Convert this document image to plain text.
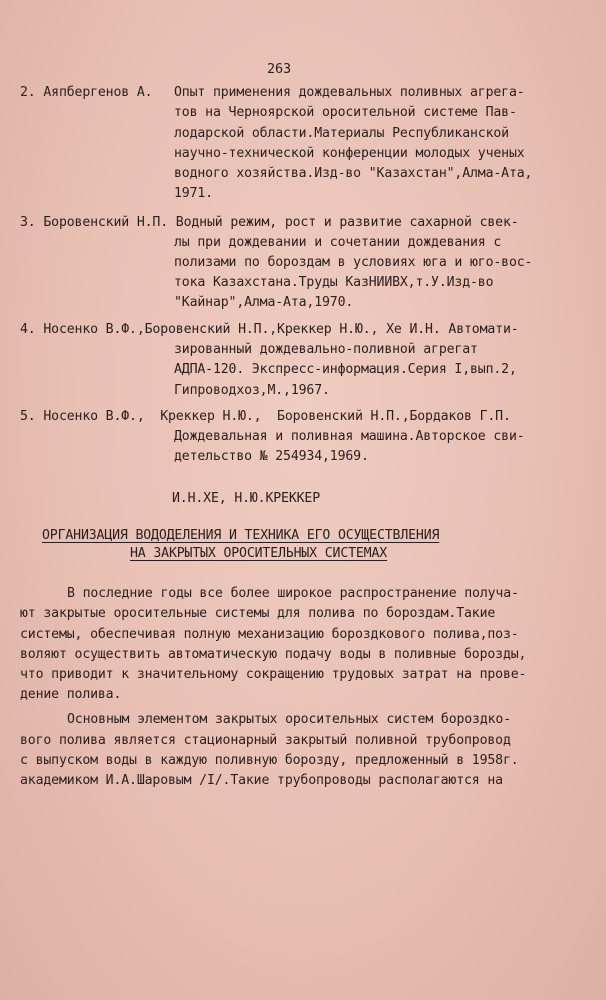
263
2. Аяпбергенов А. Опыт применения дождевальных поливных агрега-
тов на Черноярской оросительной системе Пав-
лодарской области.Материалы Республиканской
научно-технической конференции молодых ученых
водного хозяйства.Изд-во "Казахстан",Алма-Ата,
1971.
3. Боровенский Н.П. Водный режим, рост и развитие сахарной свек-
лы при дождевании и сочетании дождевания с
полизами по бороздам в условиях юга и юго-вос-
тока Казахстана.Труды КазНИИВХ,т.У.Изд-во
"Кайнар",Алма-Ата,1970.
4. Носенко В.Ф.,Боровенский Н.П.,Креккер Н.Ю., Хе И.Н. Автомати-
зированный дождевально-поливной агрегат
АДПА-120. Экспресс-информация.Серия I,вып.2,
Гипроводхоз,М.,1967.
5. Носенко В.Ф.,  Креккер Н.Ю.,  Боровенский Н.П.,Бордаков Г.П.
Дождевальная и поливная машина.Авторское сви-
детельство № 254934,1969.
И.Н.ХЕ, Н.Ю.КРЕККЕР
ОРГАНИЗАЦИЯ ВОДОДЕЛЕНИЯ И ТЕХНИКА ЕГО ОСУЩЕСТВЛЕНИЯ
НА ЗАКРЫТЫХ ОРОСИТЕЛЬНЫХ СИСТЕМАХ
В последние годы все более широкое распространение получа-
ют закрытые оросительные системы для полива по бороздам.Такие
системы, обеспечивая полную механизацию бороздкового полива,поз-
воляют осуществить автоматическую подачу воды в поливные борозды,
что приводит к значительному сокращению трудовых затрат на прове-
дение полива.
Основным элементом закрытых оросительных систем бороздко-
вого полива является стационарный закрытый поливной трубопровод
с выпуском воды в каждую поливную борозду, предложенный в 1958г.
академиком И.А.Шаровым /I/.Такие трубопроводы располагаются на
